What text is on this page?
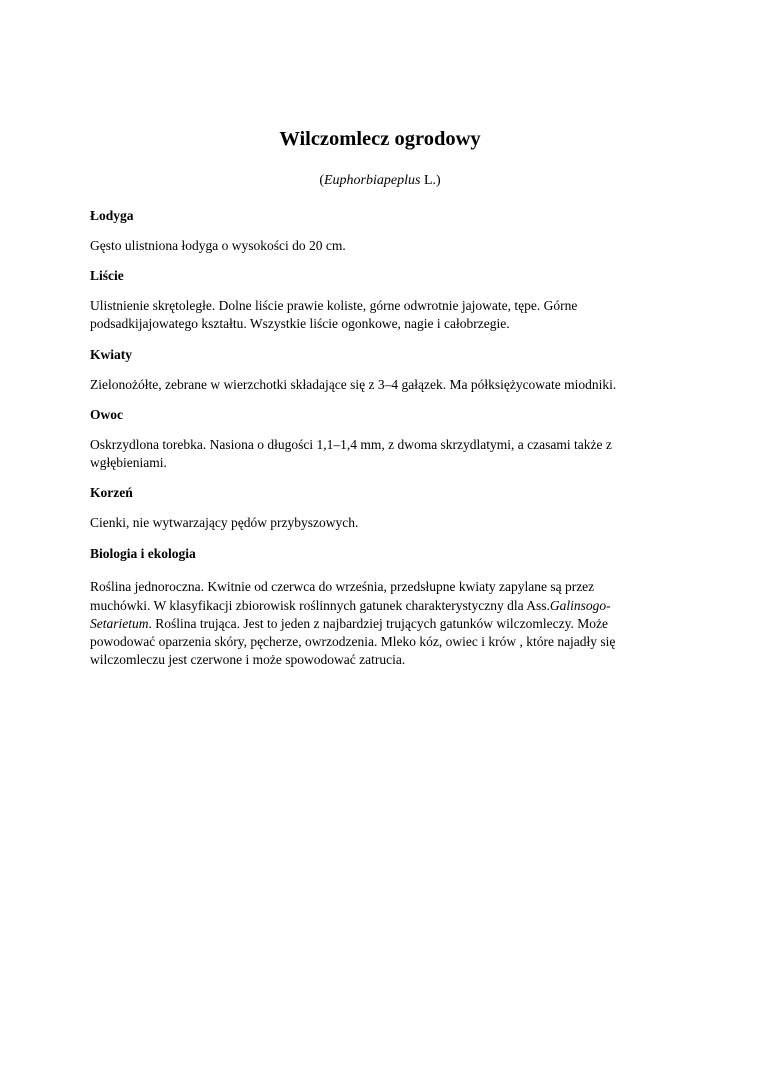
Wilczomlecz ogrodowy

(Euphorbiapeplus L.)

Łodyga

Gęsto ulistniona łodyga o wysokości do 20 cm.

Liście

Ulistnienie skrętoległe. Dolne liście prawie koliste, górne odwrotnie jajowate, tępe. Górne
podsadkijajowatego kształtu. Wszystkie liście ogonkowe, nagie i całobrzegie.

Kwiaty

Zielonożółte, zebrane w wierzchotki składające się z 3–4 gałązek. Ma półksiężycowate miodniki.

Owoc

Oskrzydlona torebka. Nasiona o długości 1,1–1,4 mm, z dwoma skrzydlatymi, a czasami także z
wgłębieniami.

Korzeń

Cienki, nie wytwarzający pędów przybyszowych.

Biologia i ekologia

Roślina jednoroczna. Kwitnie od czerwca do września, przedsłupne kwiaty zapylane są przez
muchówki. W klasyfikacji zbiorowisk roślinnych gatunek charakterystyczny dla Ass.Galinsogo-
Setarietum. Roślina trująca. Jest to jeden z najbardziej trujących gatunków wilczomleczy. Może
powodować oparzenia skóry, pęcherze, owrzodzenia. Mleko kóz, owiec i krów , które najadły się
wilczomleczu jest czerwone i może spowodować zatrucia.
